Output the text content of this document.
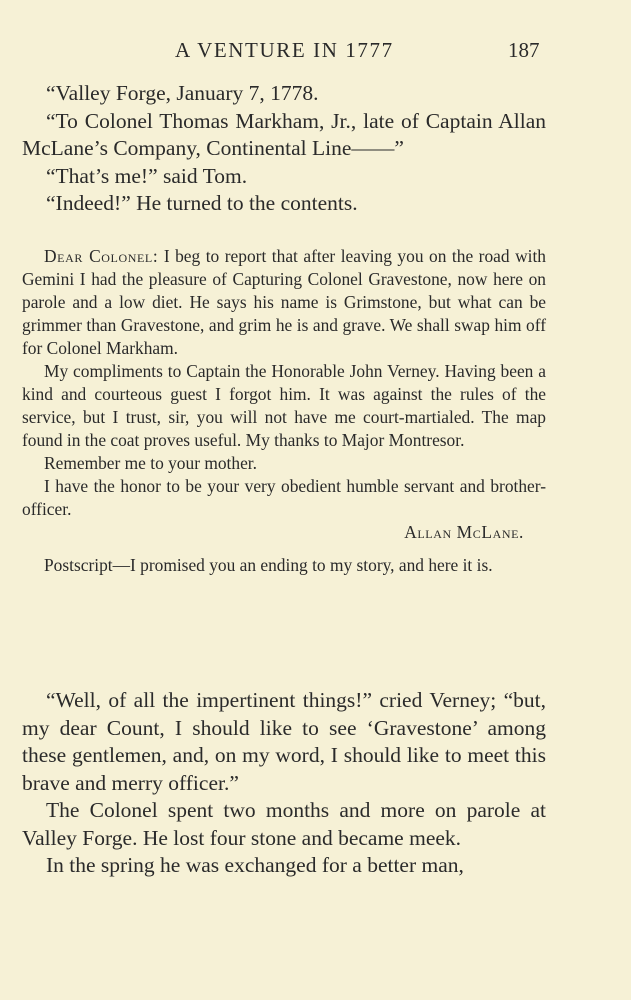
A VENTURE IN 1777	187

“Valley Forge, January 7, 1778.

“To Colonel Thomas Markham, Jr., late of Captain Allan McLane’s Company, Continental Line——”

“That’s me!” said Tom.

“Indeed!” He turned to the contents.

Dear Colonel: I beg to report that after leaving you on the road with Gemini I had the pleasure of Capturing Colonel Gravestone, now here on parole and a low diet. He says his name is Grimstone, but what can be grimmer than Gravestone, and grim he is and grave. We shall swap him off for Colonel Markham.

My compliments to Captain the Honorable John Verney. Having been a kind and courteous guest I forgot him. It was against the rules of the service, but I trust, sir, you will not have me court-martialed. The map found in the coat proves useful. My thanks to Major Montresor.

Remember me to your mother.

I have the honor to be your very obedient humble servant and brother-officer.

Allan McLane.

Postscript—I promised you an ending to my story, and here it is.

“Well, of all the impertinent things!” cried Verney; “but, my dear Count, I should like to see ‘Gravestone’ among these gentlemen, and, on my word, I should like to meet this brave and merry officer.”

The Colonel spent two months and more on parole at Valley Forge. He lost four stone and became meek.

In the spring he was exchanged for a better man,
